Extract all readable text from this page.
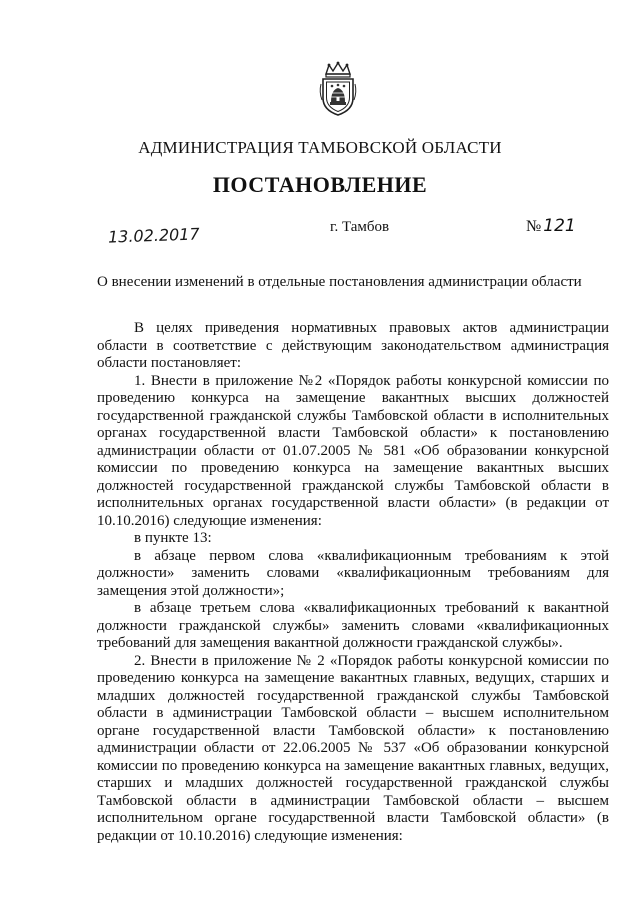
АДМИНИСТРАЦИЯ ТАМБОВСКОЙ ОБЛАСТИ
ПОСТАНОВЛЕНИЕ
13.02.2017	г. Тамбов	№ 121
О внесении изменений в отдельные постановления администрации области

В целях приведения нормативных правовых актов администрации области в соответствие с действующим законодательством администрация области постановляет:

1. Внести в приложение №2 «Порядок работы конкурсной комиссии по проведению конкурса на замещение вакантных высших должностей государственной гражданской службы Тамбовской области в исполнительных органах государственной власти Тамбовской области» к постановлению администрации области от 01.07.2005 № 581 «Об образовании конкурсной комиссии по проведению конкурса на замещение вакантных высших должностей государственной гражданской службы Тамбовской области в исполнительных органах государственной власти области» (в редакции от 10.10.2016) следующие изменения:

в пункте 13:

в абзаце первом слова «квалификационным требованиям к этой должности» заменить словами «квалификационным требованиям для замещения этой должности»;

в абзаце третьем слова «квалификационных требований к вакантной должности гражданской службы» заменить словами «квалификационных требований для замещения вакантной должности гражданской службы».

2. Внести в приложение № 2 «Порядок работы конкурсной комиссии по проведению конкурса на замещение вакантных главных, ведущих, старших и младших должностей государственной гражданской службы Тамбовской области в администрации Тамбовской области – высшем исполнительном органе государственной власти Тамбовской области» к постановлению администрации области от 22.06.2005 № 537 «Об образовании конкурсной комиссии по проведению конкурса на замещение вакантных главных, ведущих, старших и младших должностей государственной гражданской службы Тамбовской области в администрации Тамбовской области – высшем исполнительном органе государственной власти Тамбовской области» (в редакции от 10.10.2016) следующие изменения:
